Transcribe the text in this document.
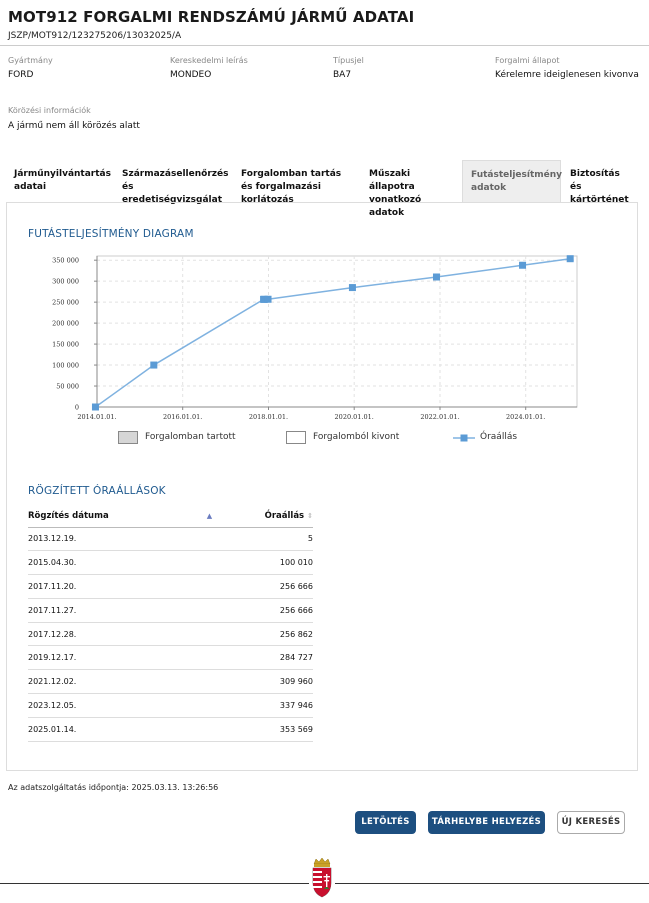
MOT912 FORGALMI RENDSZÁMÚ JÁRMŰ ADATAI
JSZP/MOT912/123275206/13032025/A
Gyártmány
FORD
Kereskedelmi leírás
MONDEO
Típusjel
BA7
Forgalmi állapot
Kérelemre ideiglenesen kivonva
Körözési információk
A jármű nem áll körözés alatt
Járműnyilvántartás adatai
Származásellenőrzés és eredetiségvizsgálat
Forgalomban tartás és forgalmazási korlátozás
Műszaki állapotra vonatkozó adatok
Futásteljesítmény adatok
Biztosítás és kártörténet
FUTÁSTELJESÍTMÉNY DIAGRAM
0
50 000
100 000
150 000
200 000
250 000
300 000
350 000
2014.01.01.	2016.01.01.	2018.01.01.	2020.01.01.	2022.01.01.	2024.01.01.
Forgalomban tartott	Forgalomból kivont	Óraállás
RÖGZÍTETT ÓRAÁLLÁSOK
Rögzítés dátuma ▲	Óraállás ⇕
2013.12.19.	5
2015.04.30.	100 010
2017.11.20.	256 666
2017.11.27.	256 666
2017.12.28.	256 862
2019.12.17.	284 727
2021.12.02.	309 960
2023.12.05.	337 946
2025.01.14.	353 569
Az adatszolgáltatás időpontja: 2025.03.13. 13:26:56
LETÖLTÉS	TÁRHELYBE HELYEZÉS	ÚJ KERESÉS
